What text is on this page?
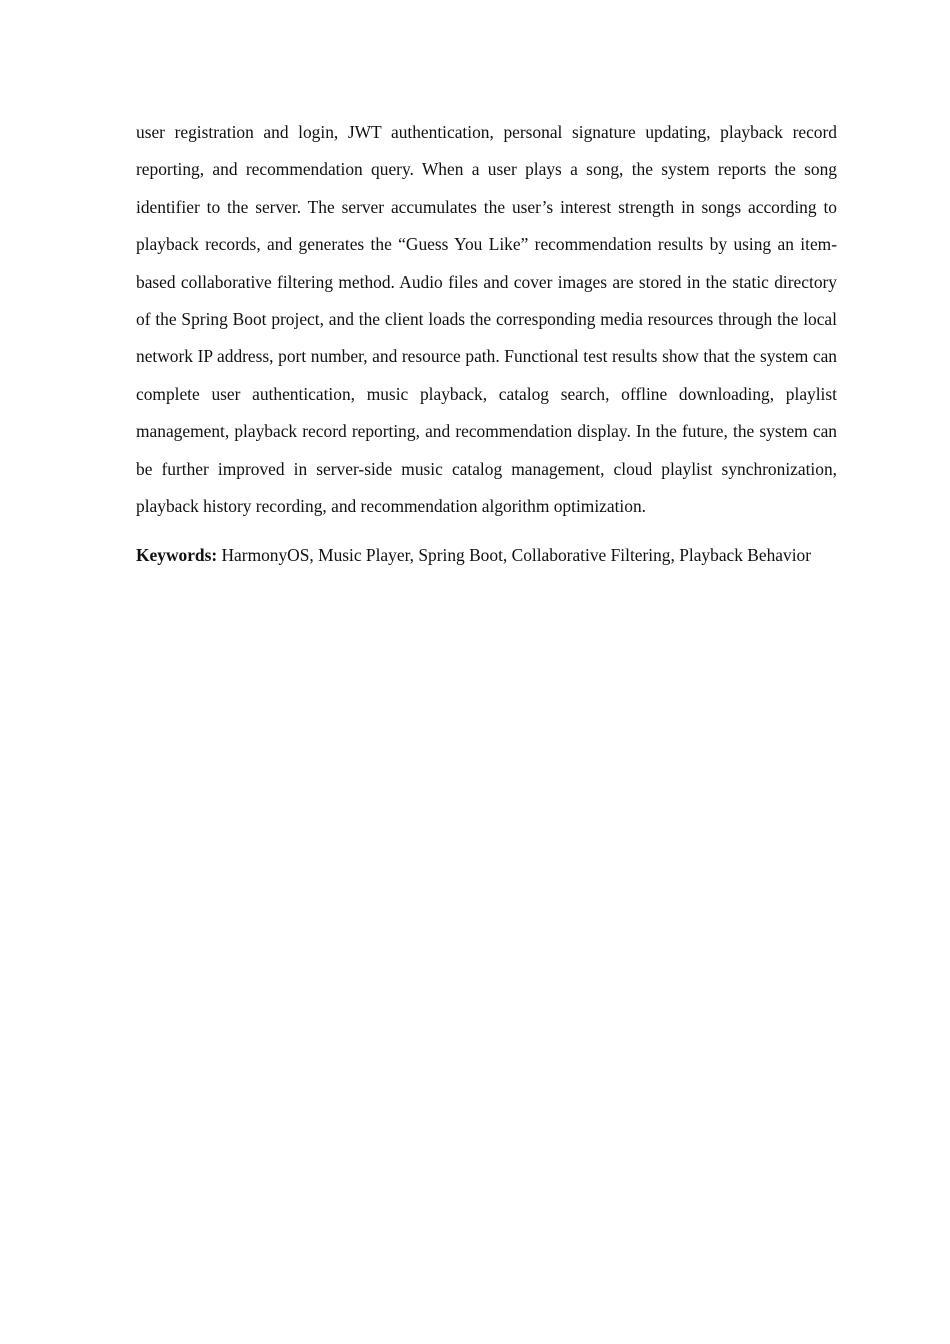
user registration and login, JWT authentication, personal signature updating, playback record reporting, and recommendation query. When a user plays a song, the system reports the song identifier to the server. The server accumulates the user’s interest strength in songs according to playback records, and generates the “Guess You Like” recommendation results by using an item-based collaborative filtering method. Audio files and cover images are stored in the static directory of the Spring Boot project, and the client loads the corresponding media resources through the local network IP address, port number, and resource path. Functional test results show that the system can complete user authentication, music playback, catalog search, offline downloading, playlist management, playback record reporting, and recommendation display. In the future, the system can be further improved in server-side music catalog management, cloud playlist synchronization, playback history recording, and recommendation algorithm optimization.

Keywords: HarmonyOS, Music Player, Spring Boot, Collaborative Filtering, Playback Behavior
